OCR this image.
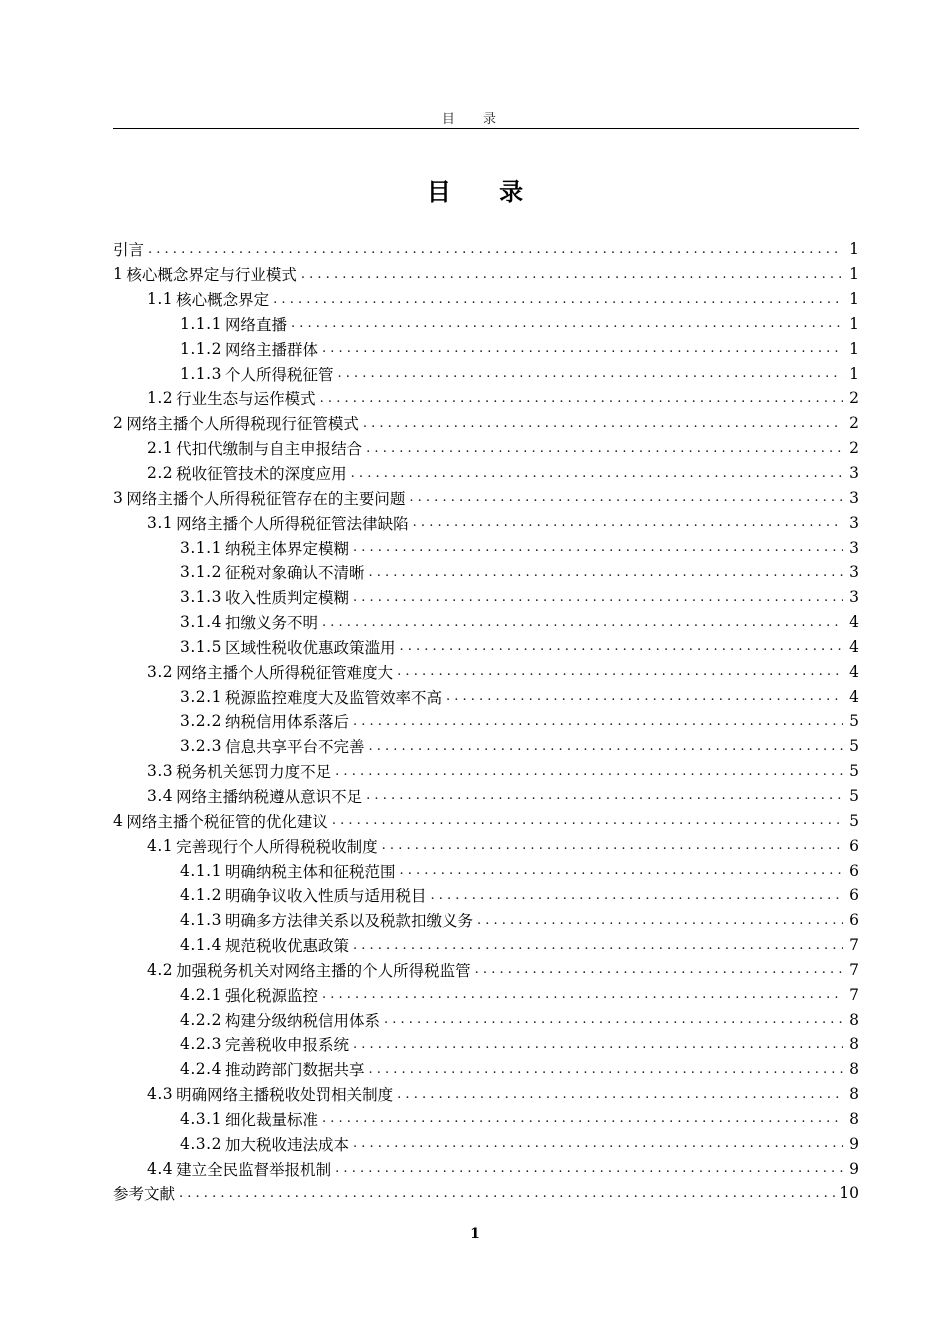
目 录
目 录
引言 . . .	1
1 核心概念界定与行业模式 . . .	1
1.1 核心概念界定 . . .	1
1.1.1 网络直播 . . .	1
1.1.2 网络主播群体 . . .	1
1.1.3 个人所得税征管 . . .	1
1.2 行业生态与运作模式 . . .	2
2 网络主播个人所得税现行征管模式 . . .	2
2.1 代扣代缴制与自主申报结合 . . .	2
2.2 税收征管技术的深度应用 . . .	3
3 网络主播个人所得税征管存在的主要问题 . . .	3
3.1 网络主播个人所得税征管法律缺陷 . . .	3
3.1.1 纳税主体界定模糊 . . .	3
3.1.2 征税对象确认不清晰 . . .	3
3.1.3 收入性质判定模糊 . . .	3
3.1.4 扣缴义务不明 . . .	4
3.1.5 区域性税收优惠政策滥用 . . .	4
3.2 网络主播个人所得税征管难度大 . . .	4
3.2.1 税源监控难度大及监管效率不高 . . .	4
3.2.2 纳税信用体系落后 . . .	5
3.2.3 信息共享平台不完善 . . .	5
3.3 税务机关惩罚力度不足 . . .	5
3.4 网络主播纳税遵从意识不足 . . .	5
4 网络主播个税征管的优化建议 . . .	5
4.1 完善现行个人所得税税收制度 . . .	6
4.1.1 明确纳税主体和征税范围 . . .	6
4.1.2 明确争议收入性质与适用税目 . . .	6
4.1.3 明确多方法律关系以及税款扣缴义务 . . .	6
4.1.4 规范税收优惠政策 . . .	7
4.2 加强税务机关对网络主播的个人所得税监管 . . .	7
4.2.1 强化税源监控 . . .	7
4.2.2 构建分级纳税信用体系 . . .	8
4.2.3 完善税收申报系统 . . .	8
4.2.4 推动跨部门数据共享 . . .	8
4.3 明确网络主播税收处罚相关制度 . . .	8
4.3.1 细化裁量标准 . . .	8
4.3.2 加大税收违法成本 . . .	9
4.4 建立全民监督举报机制 . . .	9
参考文献 . . .	10
1
